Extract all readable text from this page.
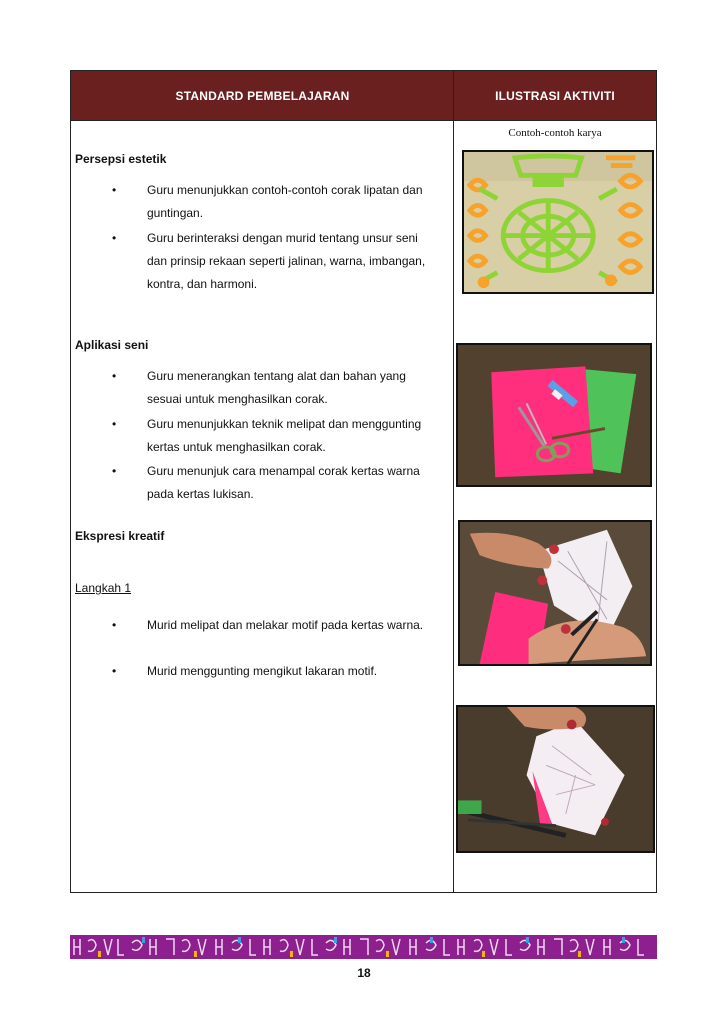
STANDARD PEMBELAJARAN	ILUSTRASI AKTIVITI
Persepsi estetik
•	Guru menunjukkan contoh-contoh corak lipatan dan guntingan.
•	Guru berinteraksi dengan murid tentang unsur seni dan prinsip rekaan seperti jalinan, warna, imbangan, kontra, dan harmoni.
Aplikasi seni
•	Guru menerangkan tentang alat dan bahan yang sesuai untuk menghasilkan corak.
•	Guru menunjukkan teknik melipat dan menggunting kertas untuk menghasilkan corak.
•	Guru menunjuk cara menampal corak kertas warna pada kertas lukisan.
Ekspresi kreatif
Langkah 1
•	Murid melipat dan melakar motif pada kertas warna.
•	Murid menggunting mengikut lakaran motif.
Contoh-contoh karya
18
